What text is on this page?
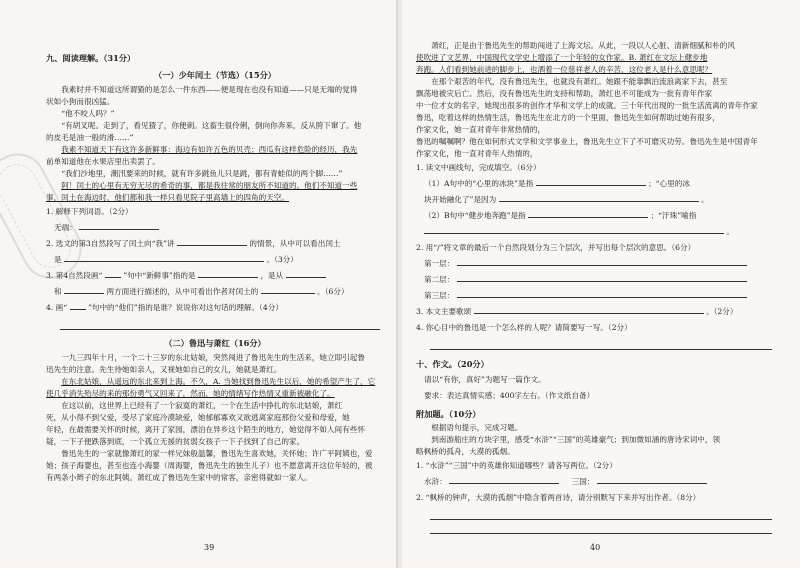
九、阅读理解。（31分）

（一）少年闰土（节选）（15分）

我素时并不知道这所谓猹的是怎么一件东西——便是现在也没有知道——只是无端的觉得

状如小狗而很凶猛。

“他不咬人吗？”

“有胡叉呢。走到了，看见猹了，你便刺。这畜生很伶俐，倒向你奔来，反从胯下窜了。他

的皮毛是油一般的滑……”

我素不知道天下有这许多新鲜事：海边有如许五色的贝壳；西瓜有这样危险的经历，我先

前单知道他在水果店里出卖罢了。

“我们沙地里，潮汛要来的时候，就有许多跳鱼儿只是跳，都有青蛙似的两个脚……”

阿！闰土的心里有无穷无尽的希奇的事，都是我往常的朋友所不知道的。他们不知道一些

事，闰土在海边时，他们都和我一样只看见院子里高墙上的四角的天空。

1. 解释下列词语。（2分）

无端：

2. 选文的第3自然段写了闰土向“我”讲	的情景，从中可以看出闰土

是	。（3分）

3. 第4自然段画“	”句中“新鲜事”指的是	，是从

和	两方面进行描述的，从中可看出作者对闰土的	。（6分）

4. 画“	”句中的“他们”指的是谁？说说你对这句话的理解。（4分）

（二）鲁迅与萧红（16分）

一九三四年十月，一个二十三岁的东北姑娘，突然闯进了鲁迅先生的生活来，她立即引起鲁

迅先生的注意。先生待她如亲人，又视她如自己的女儿，她就是萧红。

在东北姑娘，从遥远的东北来到上海。不久，A. 当她找到鲁迅先生以后，她的希望产生了，它

使几乎消失殆尽的来的那份勇气又回来了，然而，她的情绪写作热情又重新被融化了。

在这以前，这世界上已经有了一个寂寞的萧红，一个在生活中挣扎的东北姑娘，萧红

死，从小得不到父爱，受尽了家庭冷漠缺爱，她郁郁寡欢又欲逃离家庭那份父爱和母爱，她

年轻，在最需要关怀的时候，离开了家园，漂泊在异乡这个陌生的地方，她觉得不如人间有些怀

疑，一下子便跌落到底，一个孤立无援的贫弱女孩子一下子找到了自己的家。

鲁迅先生的一家就像萧红的家一样兄妹般温馨，鲁迅先生喜欢她，关怀她；许广平阿姨也，爱

她；孩子海婴也，甚至也连小海婴（周海婴，鲁迅先生的独生儿子）也不愿意离开这位年轻的，被

有两条小辫子的东北阿姨。萧红成了鲁迅先生家中的常客，亲密得就如一家人。

39

萧红，正是由于鲁迅先生的帮助闯进了上海文坛。从此，一段以人心脏、清新细腻和朴的风

使吹进了文艺界，中国现代文学史上增添了一个年轻的女作家。B. 萧红在文坛上健步地

奔跑。人们看到她前进的脚步上，也洒着一位慈祥老人的辛苦，这位老人是什么意思呢？

在那个艰苦的年代，没有鲁迅先生，也就没有萧红。她跟不能靠飘泊流浪离家下去，甚至

飘荡地被灾后亡。然后，没有鲁迅先生的支持和帮助，萧红也不可能成为一批有青年作家

中一位才女的名字，她现出很多的创作才华和文学上的成就。三十年代出现的一批生活流离的青年作家

鲁迅，吃着这样的热情生活，鲁迅先生在北方的一个里面，鲁迅先生如何帮助过她有很多，

作家文化，她一直对青年非常热情的，

鲁迅的嘱嘱啊？他在如何形式文学和文学事业上，鲁迅先生立下了不可磨灭功劳。鲁迅先生是中国青年

作家文化，他一直对青年人热情的，

1. 读文中画线句，完成填空。（6分）

（1）A句中的“心里的冰块”是指	；“心里的冰

块开始融化了”是因为	。

（2）B句中“健步地奔跑”是指	；“汗珠”喻指

。

2. 用“/”将文章的最后一个自然段划分为三个层次，并写出每个层次的意思。（6分）

第一层：

第二层：

第三层：

3. 本文主要歌颂	。（2分）

4. 你心目中的鲁迅是一个怎么样的人呢？请简要写一写。（2分）

十、作文。（20分）

请以“有你，真好”为题写一篇作文。

要求：表达真情实感；400字左右。（作文纸自备）

附加题。（10分）

根据语句提示，完成习题。

到南游船庄的方块字里，感受“水浒”“三国”的英雄豪气；到加微如涵的唐诗宋词中，领

略枫桥的孤舟，大漠的孤烟。

1. “水浒”“三国”中的英雄你知道哪些？请各写两位。（2分）

水浒：	三国：

2. “枫桥的钟声，大漠的孤烟”中隐含着两首诗，请分别默写下来并写出作者。（8分）

40
